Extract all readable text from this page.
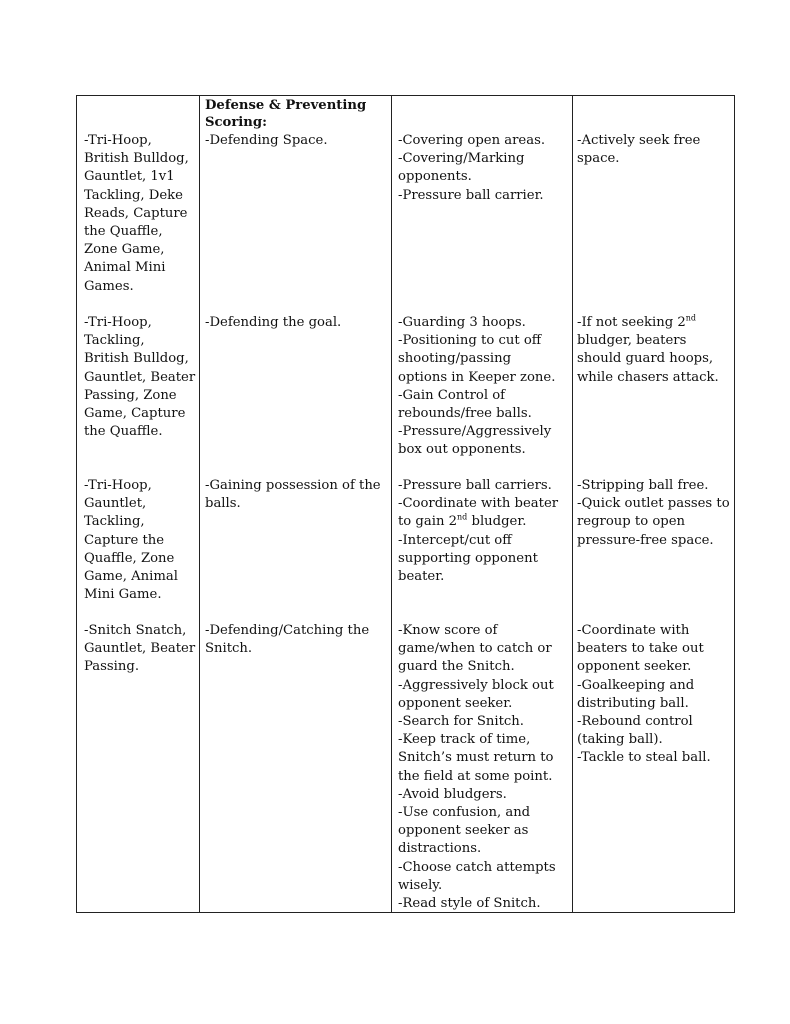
Defense & Preventing
Scoring:
-Tri-Hoop,
British Bulldog,
Gauntlet, 1v1
Tackling, Deke
Reads, Capture
the Quaffle,
Zone Game,
Animal Mini
Games.
-Defending Space.	-Covering open areas.
-Covering/Marking
opponents.
-Pressure ball carrier.
-Actively seek free
space.
-Tri-Hoop,
Tackling,
British Bulldog,
Gauntlet, Beater
Passing, Zone
Game, Capture
the Quaffle.
-Defending the goal.	-Guarding 3 hoops.
-Positioning to cut off
shooting/passing
options in Keeper zone.
-Gain Control of
rebounds/free balls.
-Pressure/Aggressively
box out opponents.
-If not seeking 2nd
bludger, beaters
should guard hoops,
while chasers attack.
-Tri-Hoop,
Gauntlet,
Tackling,
Capture the
Quaffle, Zone
Game, Animal
Mini Game.
-Gaining possession of the
balls.
-Pressure ball carriers.
-Coordinate with beater
to gain 2nd bludger.
-Intercept/cut off
supporting opponent
beater.
-Stripping ball free.
-Quick outlet passes to
regroup to open
pressure-free space.
-Snitch Snatch,
Gauntlet, Beater
Passing.
-Defending/Catching the
Snitch.
-Know score of
game/when to catch or
guard the Snitch.
-Aggressively block out
opponent seeker.
-Search for Snitch.
-Keep track of time,
Snitch’s must return to
the field at some point.
-Avoid bludgers.
-Use confusion, and
opponent seeker as
distractions.
-Choose catch attempts
wisely.
-Read style of Snitch.
-Coordinate with
beaters to take out
opponent seeker.
-Goalkeeping and
distributing ball.
-Rebound control
(taking ball).
-Tackle to steal ball.
